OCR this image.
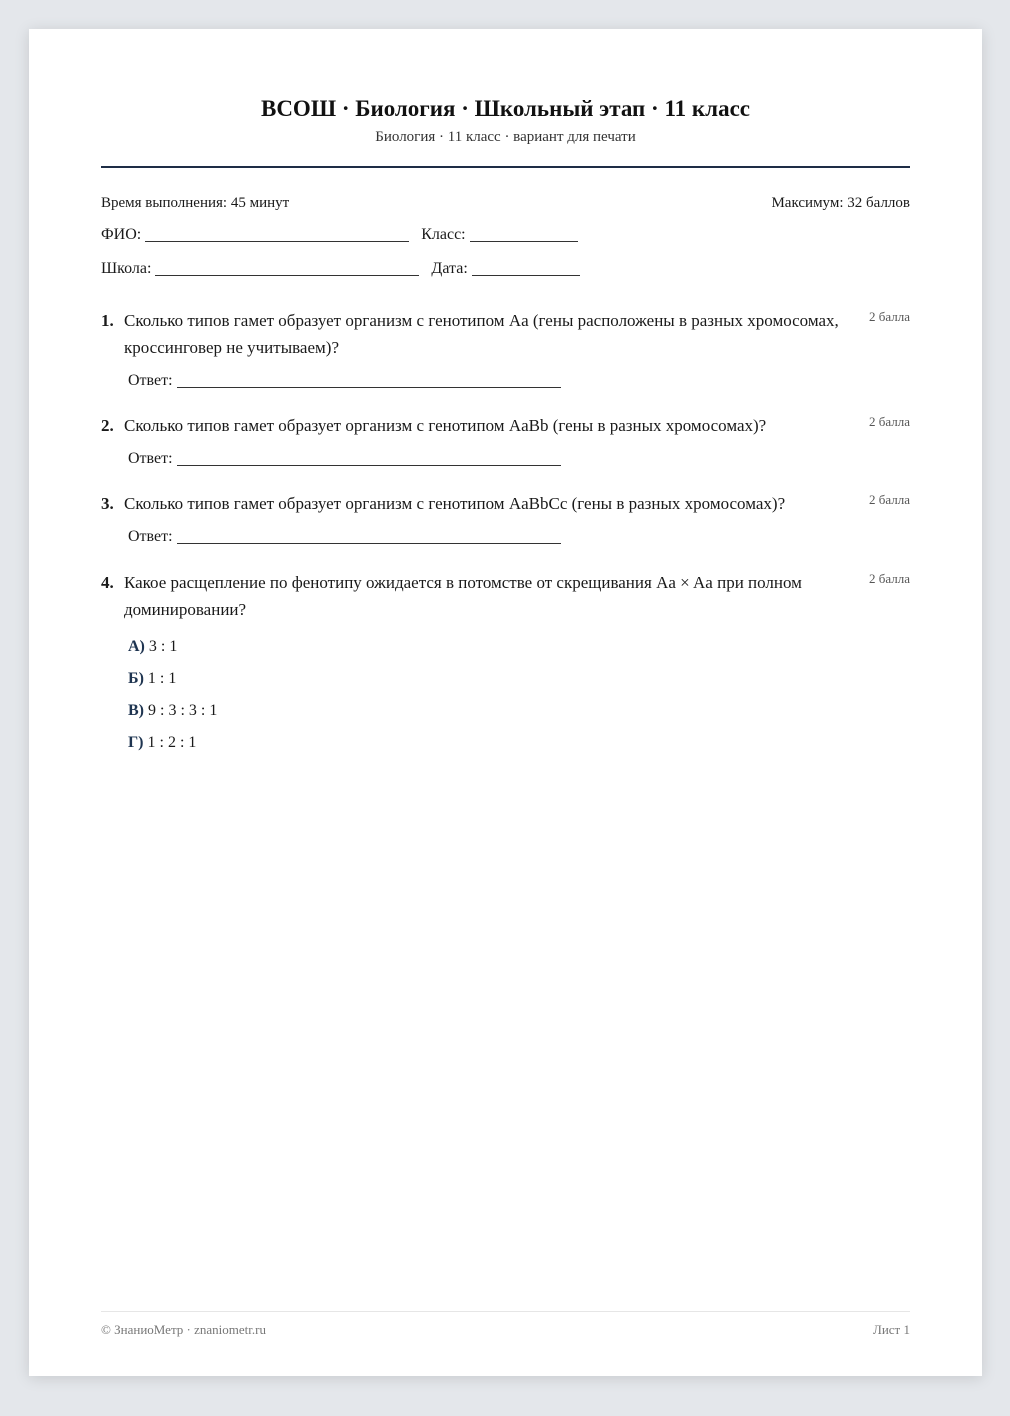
ВСОШ · Биология · Школьный этап · 11 класс
Биология · 11 класс · вариант для печати
Время выполнения: 45 минут	Максимум: 32 баллов
ФИО:	Класс:
Школа:	Дата:
1. Сколько типов гамет образует организм с генотипом Aa (гены расположены в разных хромосомах, кроссинговер не учитываем)?
2 балла
Ответ:
2. Сколько типов гамет образует организм с генотипом AaBb (гены в разных хромосомах)?	2 балла
Ответ:
3. Сколько типов гамет образует организм с генотипом AaBbCc (гены в разных хромосомах)?	2 балла
Ответ:
4. Какое расщепление по фенотипу ожидается в потомстве от скрещивания Aa × Aa при полном доминировании?
2 балла
А) 3 : 1
Б) 1 : 1
В) 9 : 3 : 3 : 1
Г) 1 : 2 : 1
© ЗнаниоМетр · znaniometr.ru	Лист 1
